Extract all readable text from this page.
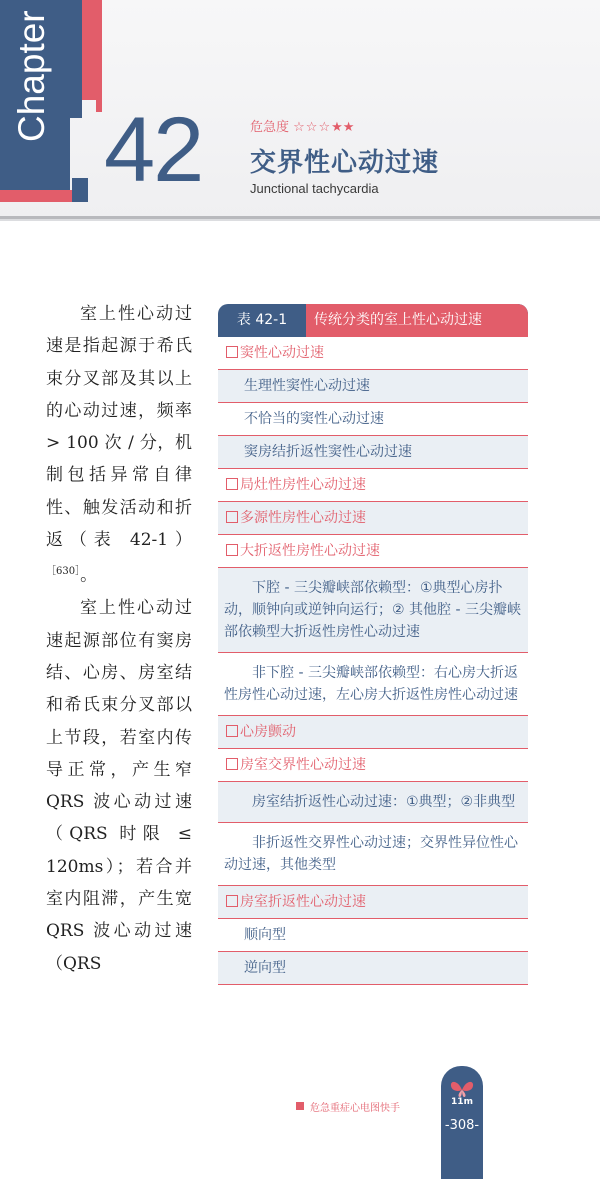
Chapter
42	危急度 ☆☆☆★★
交界性心动过速
Junctional tachycardia

室上性心动过速是指起源于希氏束分叉部及其以上的心动过速，频率 > 100 次 / 分，机制包括异常自律性、触发活动和折返（表 42-1）$^{[630]}$。

室上性心动过速起源部位有窦房结、心房、房室结和希氏束分叉部以上节段，若室内传导正常，产生窄 QRS 波心动过速（QRS 时限 ≤ 120ms）；若合并室内阻滞，产生宽 QRS 波心动过速（QRS

表 42-1	传统分类的室上性心动过速
窦性心动过速
生理性窦性心动过速
不恰当的窦性心动过速
窦房结折返性窦性心动过速
局灶性房性心动过速
多源性房性心动过速
大折返性房性心动过速
下腔 - 三尖瓣峡部依赖型：①典型心房扑动，顺钟向或逆钟向运行；② 其他腔 - 三尖瓣峡部依赖型大折返性房性心动过速
非下腔 - 三尖瓣峡部依赖型：右心房大折返性房性心动过速，左心房大折返性房性心动过速
心房颤动
房室交界性心动过速
房室结折返性心动过速：①典型；②非典型
非折返性交界性心动过速；交界性异位性心动过速，其他类型
房室折返性心动过速
顺向型
逆向型
危急重症心电图快手
11m
-308-
